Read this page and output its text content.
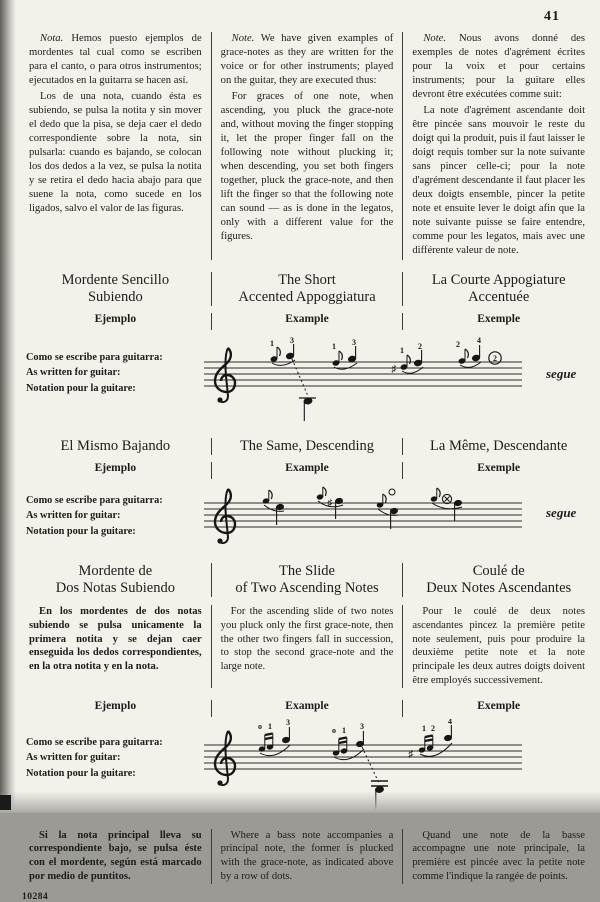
41

Nota. Hemos puesto ejemplos de mordentes tal cual como se escriben para el canto, o para otros instrumentos; ejecutados en la guitarra se hacen así.

Los de una nota, cuando ésta es subiendo, se pulsa la notita y sin mover el dedo que la pisa, se deja caer el dedo correspondiente sobre la nota, sin pulsarla: cuando es bajando, se colocan los dos dedos a la vez, se pulsa la notita y se retira el dedo hacia abajo para que suene la nota, como sucede en los ligados, salvo el valor de las figuras.

Note. We have given examples of grace-notes as they are written for the voice or for other instruments; played on the guitar, they are executed thus:

For graces of one note, when ascending, you pluck the grace-note and, without moving the finger stopping it, let the proper finger fall on the following note without plucking it; when descending, you set both fingers together, pluck the grace-note, and then lift the finger so that the following note can sound — as is done in the legatos, only with a different value for the figures.

Note. Nous avons donné des exemples de notes d'agrément écrites pour la voix et pour certains instruments; pour la guitare elles devront être exécutées comme suit:

La note d'agrément ascendante doit être pincée sans mouvoir le reste du doigt qui la produit, puis il faut laisser le doigt requis tomber sur la note suivante sans pincer celle-ci; pour la note d'agrément descendante il faut placer les deux doigts ensemble, pincer la petite note et ensuite lever le doigt afin que la note suivante puisse se faire entendre, comme pour les legatos, mais avec une différente valeur de note.

Mordente Sencillo
Subiendo
The Short
Accented Appoggiatura
La Courte Appogiature
Accentuée
Ejemplo	Example	Exemple
Como se escribe para guitarra:
As written for guitar:
Notation pour la guitare:
1 3
1 3
♯
1 2	2 4
2
segue
El Mismo Bajando	The Same, Descending	La Même, Descendante
Ejemplo	Example	Exemple
Como se escribe para guitarra:
As written for guitar:
Notation pour la guitare:
♯
segue
Mordente de
Dos Notas Subiendo
The Slide
of Two Ascending Notes
Coulé de
Deux Notes Ascendantes

En los mordentes de dos notas subiendo se pulsa unicamente la primera notita y se dejan caer enseguida los dedos correspondientes, en la otra notita y en la nota.

For the ascending slide of two notes you pluck only the first grace-note, then the other two fingers fall in succession, to stop the second grace-note and the large note.

Pour le coulé de deux notes ascendantes pincez la première petite note seulement, puis pour produire la deuxième petite note et la note principale les deux autres doigts doivent être employés successivement.

Ejemplo	Example	Exemple
Como se escribe para guitarra:
As written for guitar:
Notation pour la guitare:
o 1 3
o 1 3
♯
1 2
4

Si la nota principal lleva su correspondiente bajo, se pulsa éste con el mordente, según está marcado por medio de puntitos.

Where a bass note accompanies a principal note, the former is plucked with the grace-note, as indicated above by a row of dots.

Quand une note de la basse accompagne une note principale, la première est pincée avec la petite note comme l'indique la rangée de points.

10284
